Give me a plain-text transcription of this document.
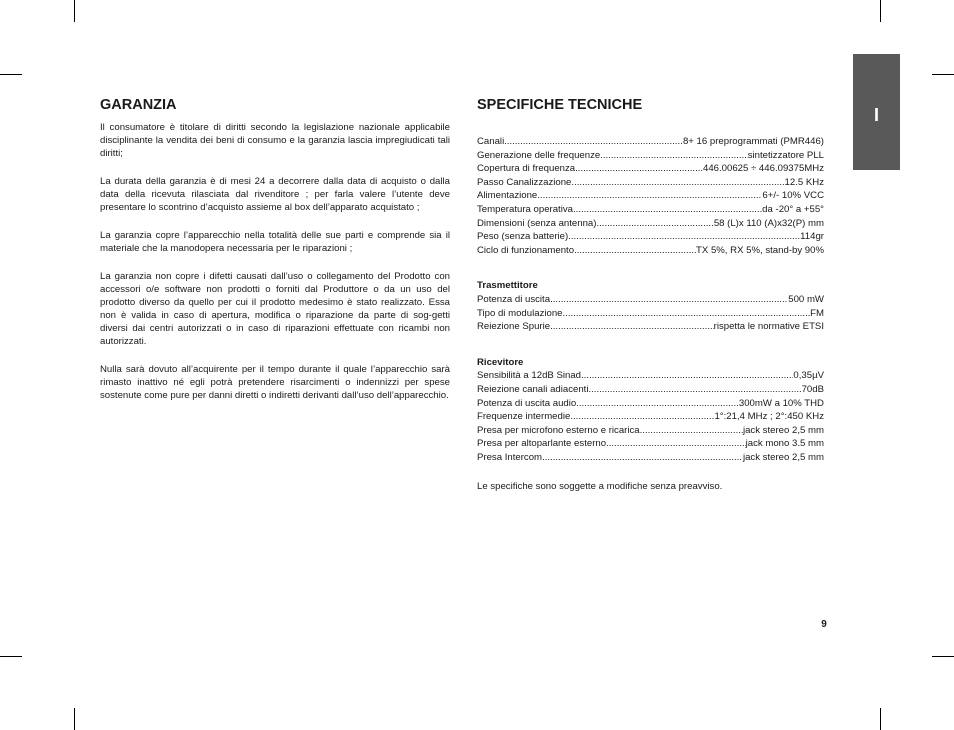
I
GARANZIA

Il consumatore è titolare di diritti secondo la legislazione nazionale applicabile disciplinante la vendita dei beni di consumo e la garanzia lascia impregiudicati tali diritti;

La durata della garanzia è di mesi 24 a decorrere dalla data di acquisto o dalla data della ricevuta rilasciata dal rivenditore ; per farla valere l’utente deve presentare lo scontrino d’acquisto assieme al box dell’apparato acquistato ;

La garanzia copre l’apparecchio nella totalità delle sue parti e comprende sia il materiale che la manodopera necessaria per le riparazioni ;

La garanzia non copre i difetti causati dall’uso o collegamento del Prodotto con accessori o/e software non prodotti o forniti dal Produttore o da un uso del prodotto diverso da quello per cui il prodotto medesimo è stato realizzato. Essa non è valida in caso di apertura, modifica o riparazione da parte di sog-getti diversi dai centri autorizzati o in caso di riparazioni effettuate con ricambi non autorizzati.

Nulla sarà dovuto all’acquirente per il tempo durante il quale l’apparecchio sarà rimasto inattivo né egli potrà pretendere risarcimenti o indennizzi per spese sostenute come pure per danni diretti o indiretti derivanti dall’uso dell’apparecchio.

SPECIFICHE TECNICHE
Canali .....	8+ 16 preprogrammati (PMR446)
Generazione delle frequenze .....	sintetizzatore PLL
Copertura di frequenza .....	446.00625 ÷ 446.09375MHz
Passo Canalizzazione .....	12.5 KHz
Alimentazione .....	6+/- 10% VCC
Temperatura operativa .....	da -20° a +55°
Dimensioni (senza antenna) .....	58 (L)x 110 (A)x32(P) mm
Peso (senza batterie) .....	114gr
Ciclo di funzionamento .....	TX 5%, RX 5%, stand-by 90%

Trasmettitore

Potenza di uscita .....	500 mW
Tipo di modulazione .....	FM
Reiezione Spurie .....	rispetta le normative ETSI

Ricevitore

Sensibilità a 12dB Sinad .....	0,35µV
Reiezione canali adiacenti .....	70dB
Potenza di uscita audio .....	300mW a 10% THD
Frequenze intermedie .....	1°:21,4 MHz ; 2°:450 KHz
Presa per microfono esterno e ricarica .....	jack stereo 2,5 mm
Presa per altoparlante esterno .....	jack mono 3.5 mm
Presa Intercom .....	jack stereo 2,5 mm

Le specifiche sono soggette a modifiche senza preavviso.

9
